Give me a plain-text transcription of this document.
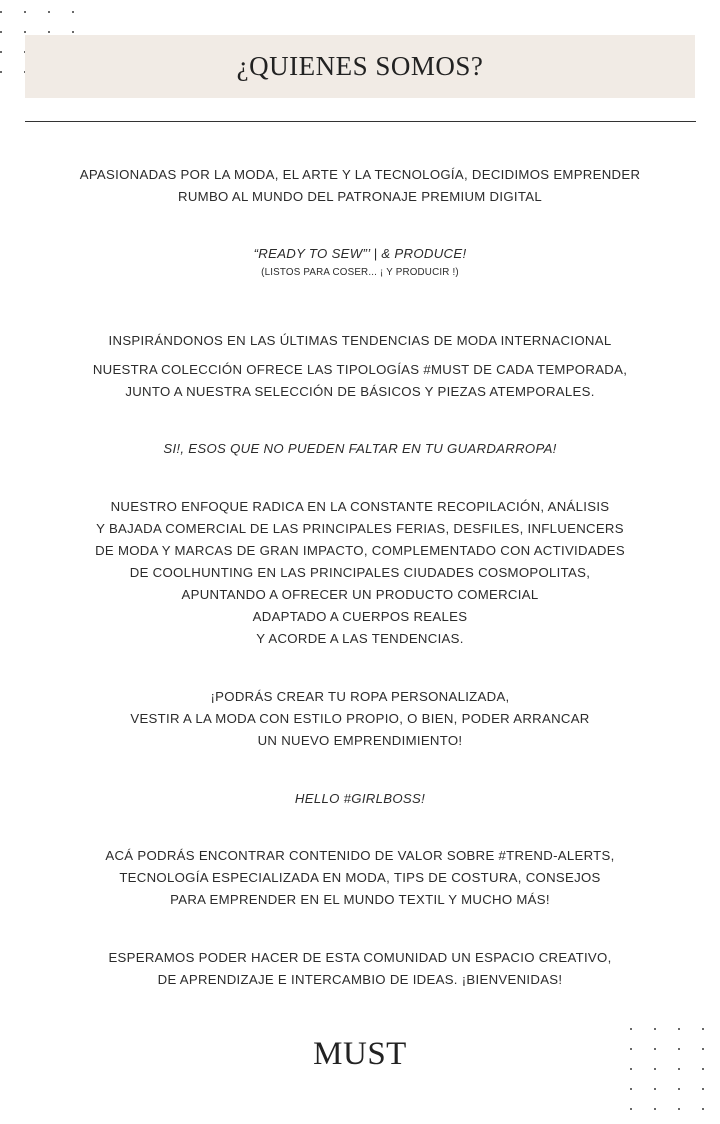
¿QUIENES SOMOS?
APASIONADAS POR LA MODA, EL ARTE Y LA TECNOLOGÍA, DECIDIMOS EMPRENDER
RUMBO AL MUNDO DEL PATRONAJE PREMIUM DIGITAL
“READY TO SEW”’ | & PRODUCE!
(LISTOS PARA COSER... ¡ Y PRODUCIR !)
INSPIRÁNDONOS EN LAS ÚLTIMAS TENDENCIAS DE MODA INTERNACIONAL
NUESTRA COLECCIÓN OFRECE LAS TIPOLOGÍAS #MUST DE CADA TEMPORADA,
JUNTO A NUESTRA SELECCIÓN DE BÁSICOS Y PIEZAS ATEMPORALES.
SI!, ESOS QUE NO PUEDEN FALTAR EN TU GUARDARROPA!
NUESTRO ENFOQUE RADICA EN LA CONSTANTE RECOPILACIÓN, ANÁLISIS
Y BAJADA COMERCIAL DE LAS PRINCIPALES FERIAS, DESFILES, INFLUENCERS
DE MODA Y MARCAS DE GRAN IMPACTO, COMPLEMENTADO CON ACTIVIDADES
DE COOLHUNTING EN LAS PRINCIPALES CIUDADES COSMOPOLITAS,
APUNTANDO A OFRECER UN PRODUCTO COMERCIAL
ADAPTADO A CUERPOS REALES
Y ACORDE A LAS TENDENCIAS.
¡PODRÁS CREAR TU ROPA PERSONALIZADA,
VESTIR A LA MODA CON ESTILO PROPIO, O BIEN, PODER ARRANCAR
UN NUEVO EMPRENDIMIENTO!
HELLO #GIRLBOSS!
ACÁ PODRÁS ENCONTRAR CONTENIDO DE VALOR SOBRE #TREND-ALERTS,
TECNOLOGÍA ESPECIALIZADA EN MODA, TIPS DE COSTURA, CONSEJOS
PARA EMPRENDER EN EL MUNDO TEXTIL Y MUCHO MÁS!
ESPERAMOS PODER HACER DE ESTA COMUNIDAD UN ESPACIO CREATIVO,
DE APRENDIZAJE E INTERCAMBIO DE IDEAS. ¡BIENVENIDAS!
MUST
